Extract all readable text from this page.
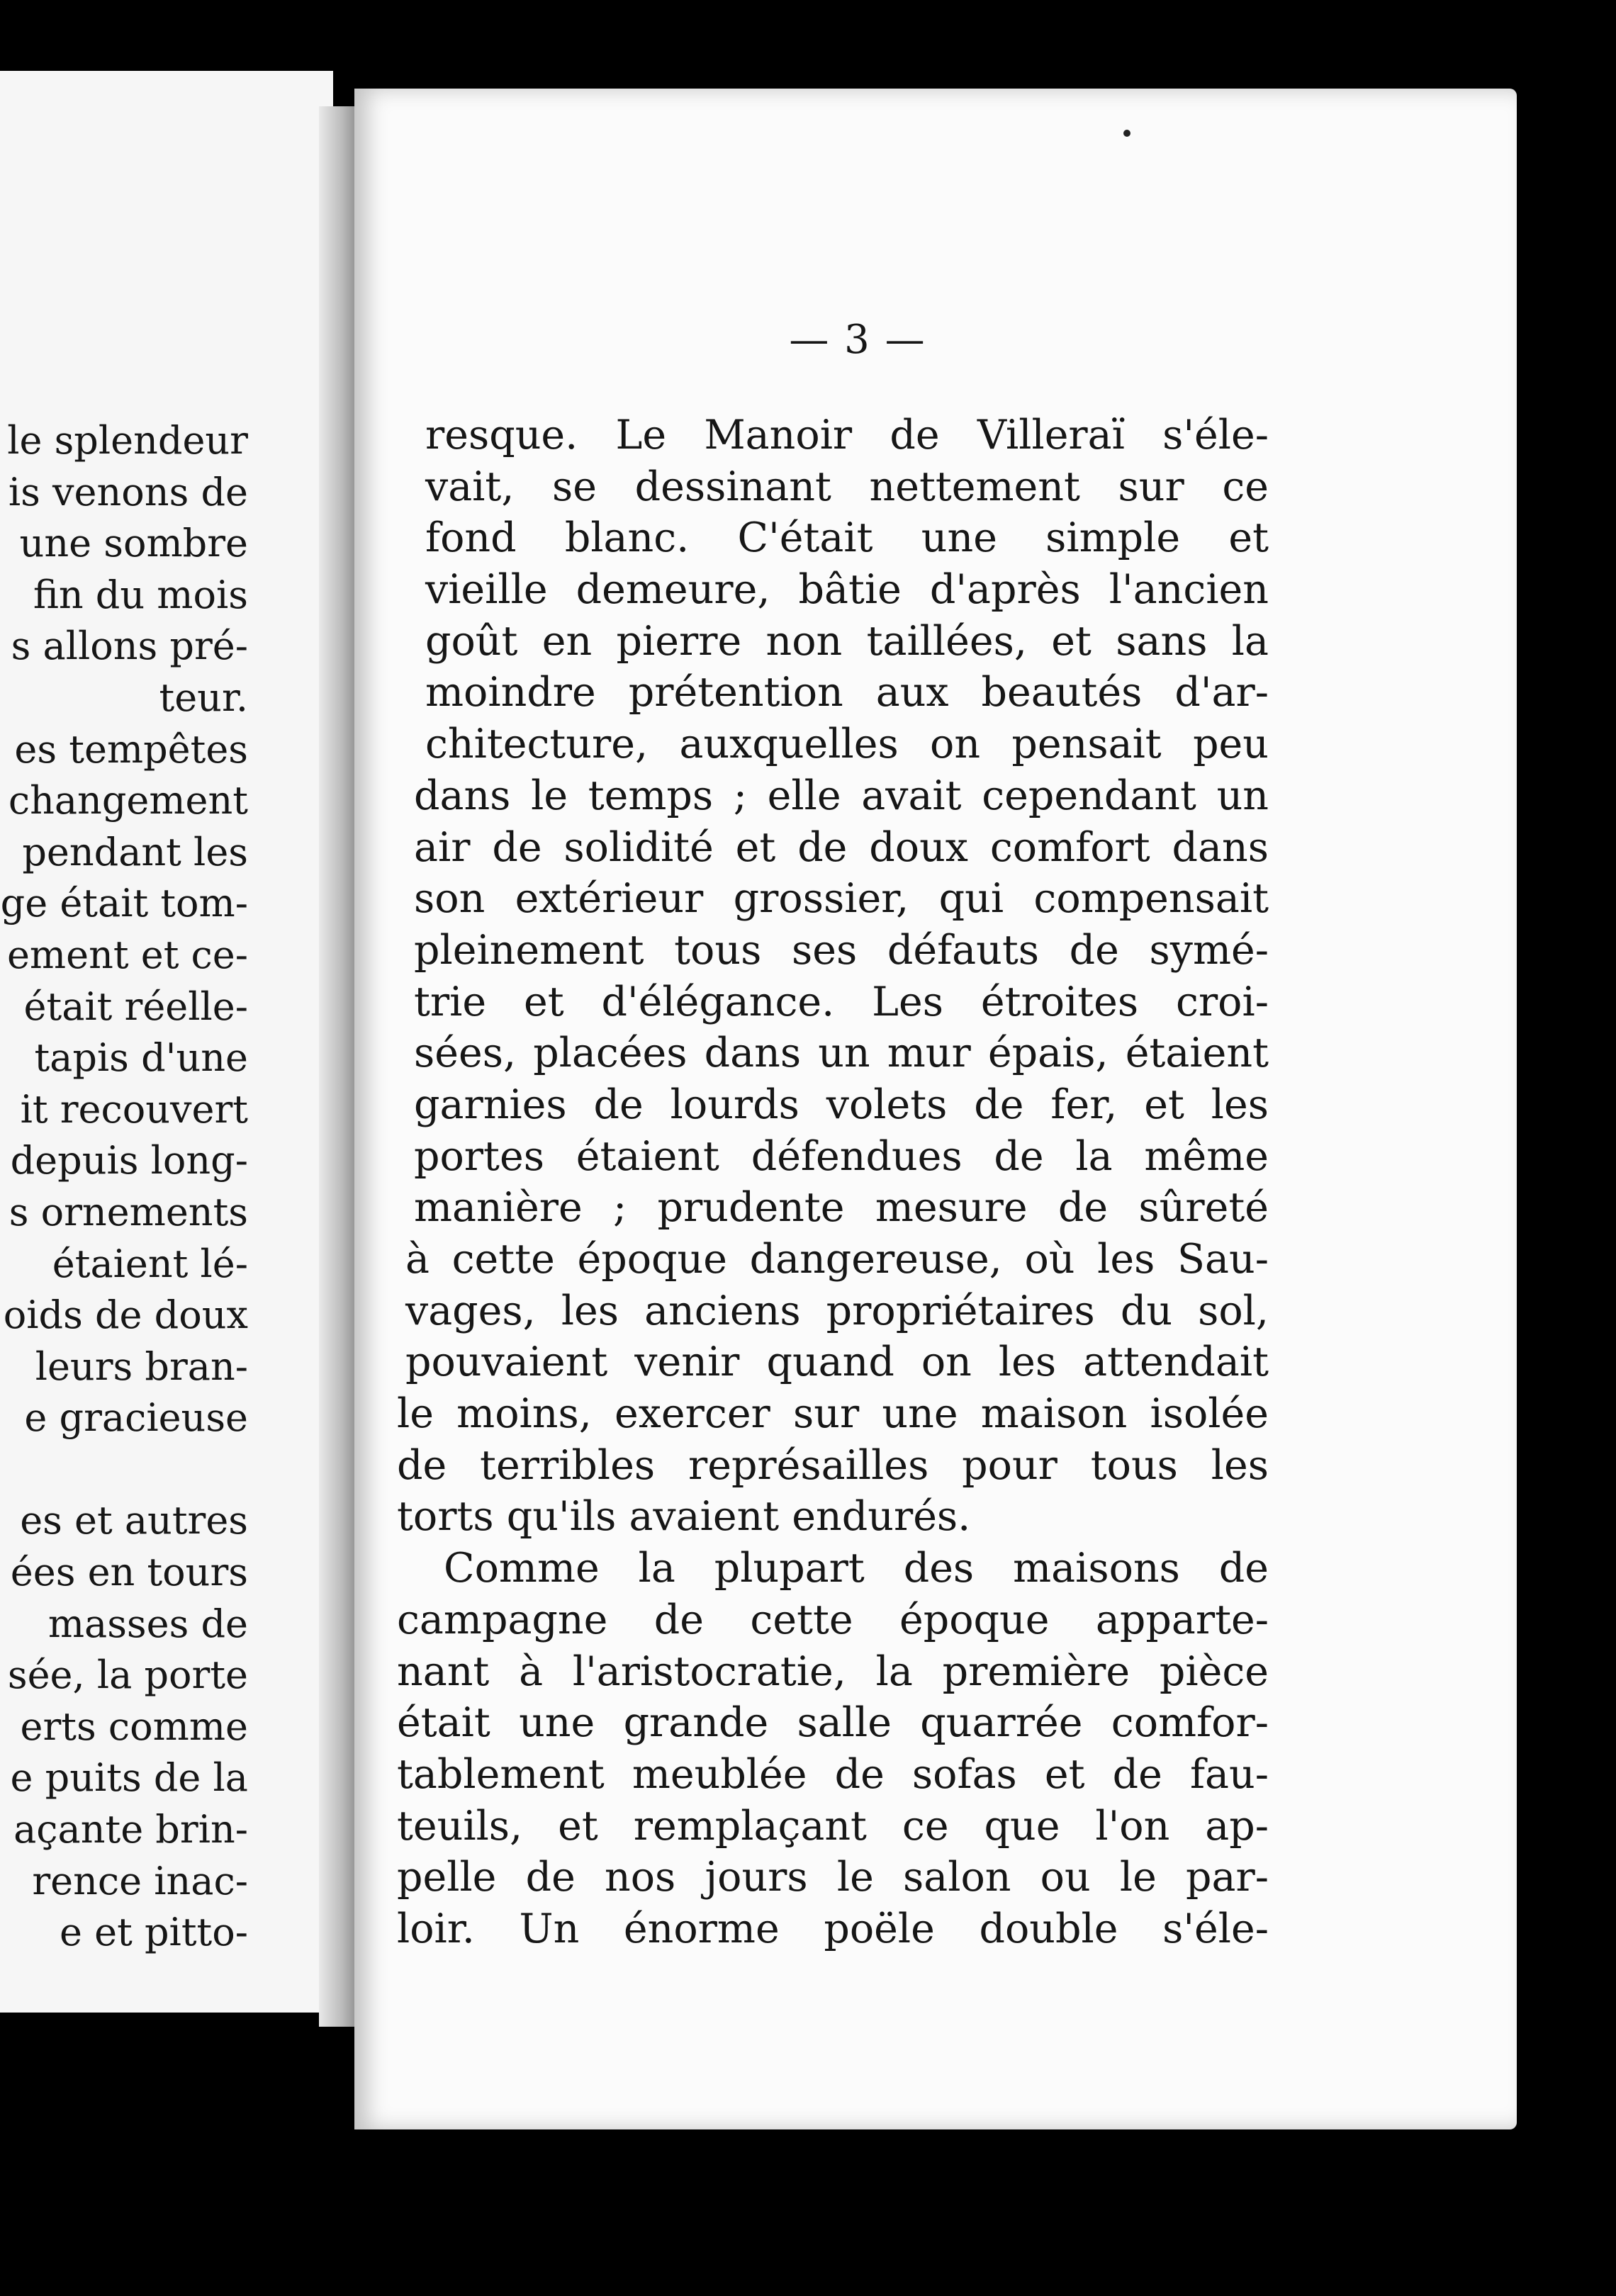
le splendeur
is venons de
une sombre
fin du mois
s allons pré-
teur.
es tempêtes
changement
pendant les
ge était tom-
ement et ce-
était réelle-
tapis d'une
it recouvert
depuis long-
s ornements
étaient lé-
oids de doux
leurs bran-
e gracieuse
es et autres
ées en tours
masses de
sée, la porte
erts comme
e puits de la
açante brin-
rence inac-
e et pitto-
— 3 —
resque. Le Manoir de Villeraï s'éle-
vait, se dessinant nettement sur ce
fond blanc. C'était une simple et
vieille demeure, bâtie d'après l'ancien
goût en pierre non taillées, et sans la
moindre prétention aux beautés d'ar-
chitecture, auxquelles on pensait peu
dans le temps ; elle avait cependant un
air de solidité et de doux comfort dans
son extérieur grossier, qui compensait
pleinement tous ses défauts de symé-
trie et d'élégance. Les étroites croi-
sées, placées dans un mur épais, étaient
garnies de lourds volets de fer, et les
portes étaient défendues de la même
manière ; prudente mesure de sûreté
à cette époque dangereuse, où les Sau-
vages, les anciens propriétaires du sol,
pouvaient venir quand on les attendait
le moins, exercer sur une maison isolée
de terribles représailles pour tous les
torts qu'ils avaient endurés.
Comme la plupart des maisons de
campagne de cette époque apparte-
nant à l'aristocratie, la première pièce
était une grande salle quarrée comfor-
tablement meublée de sofas et de fau-
teuils, et remplaçant ce que l'on ap-
pelle de nos jours le salon ou le par-
loir. Un énorme poële double s'éle-
